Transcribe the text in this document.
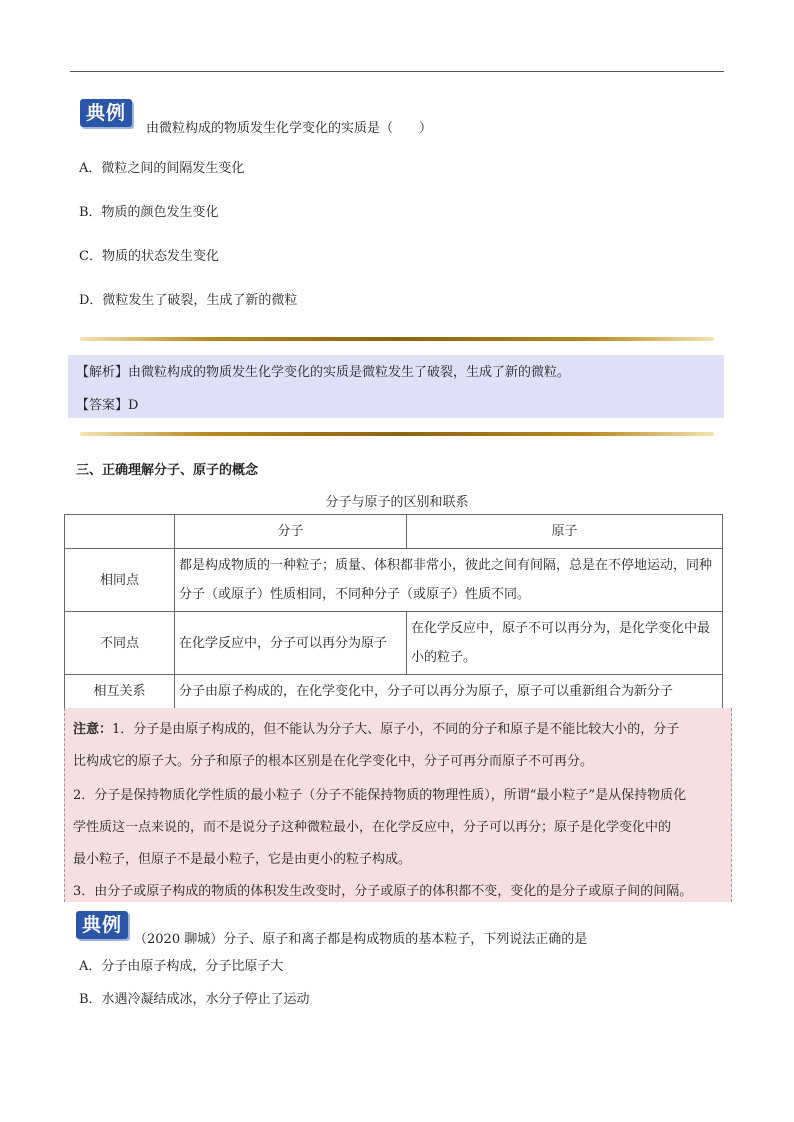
典例
由微粒构成的物质发生化学变化的实质是（　　）
A．微粒之间的间隔发生变化
B．物质的颜色发生变化
C．物质的状态发生变化
D．微粒发生了破裂，生成了新的微粒
【解析】由微粒构成的物质发生化学变化的实质是微粒发生了破裂，生成了新的微粒。
【答案】D
三、正确理解分子、原子的概念
分子与原子的区别和联系
	分子	原子
相同点	都是构成物质的一种粒子；质量、体积都非常小，彼此之间有间隔，总是在不停地运动，同种分子（或原子）性质相同，不同种分子（或原子）性质不同。	
不同点	在化学反应中，分子可以再分为原子	在化学反应中，原子不可以再分为，是化学变化中最小的粒子。
相互关系	分子由原子构成的，在化学变化中，分子可以再分为原子，原子可以重新组合为新分子	
注意：1．分子是由原子构成的，但不能认为分子大、原子小，不同的分子和原子是不能比较大小的，分子
比构成它的原子大。分子和原子的根本区别是在化学变化中，分子可再分而原子不可再分。
2．分子是保持物质化学性质的最小粒子（分子不能保持物质的物理性质），所谓“最小粒子”是从保持物质化
学性质这一点来说的，而不是说分子这种微粒最小，在化学反应中，分子可以再分；原子是化学变化中的
最小粒子，但原子不是最小粒子，它是由更小的粒子构成。
3．由分子或原子构成的物质的体积发生改变时，分子或原子的体积都不变，变化的是分子或原子间的间隔。
典例
（2020 聊城）分子、原子和离子都是构成物质的基本粒子，下列说法正确的是
A．分子由原子构成，分子比原子大
B．水遇冷凝结成冰，水分子停止了运动
